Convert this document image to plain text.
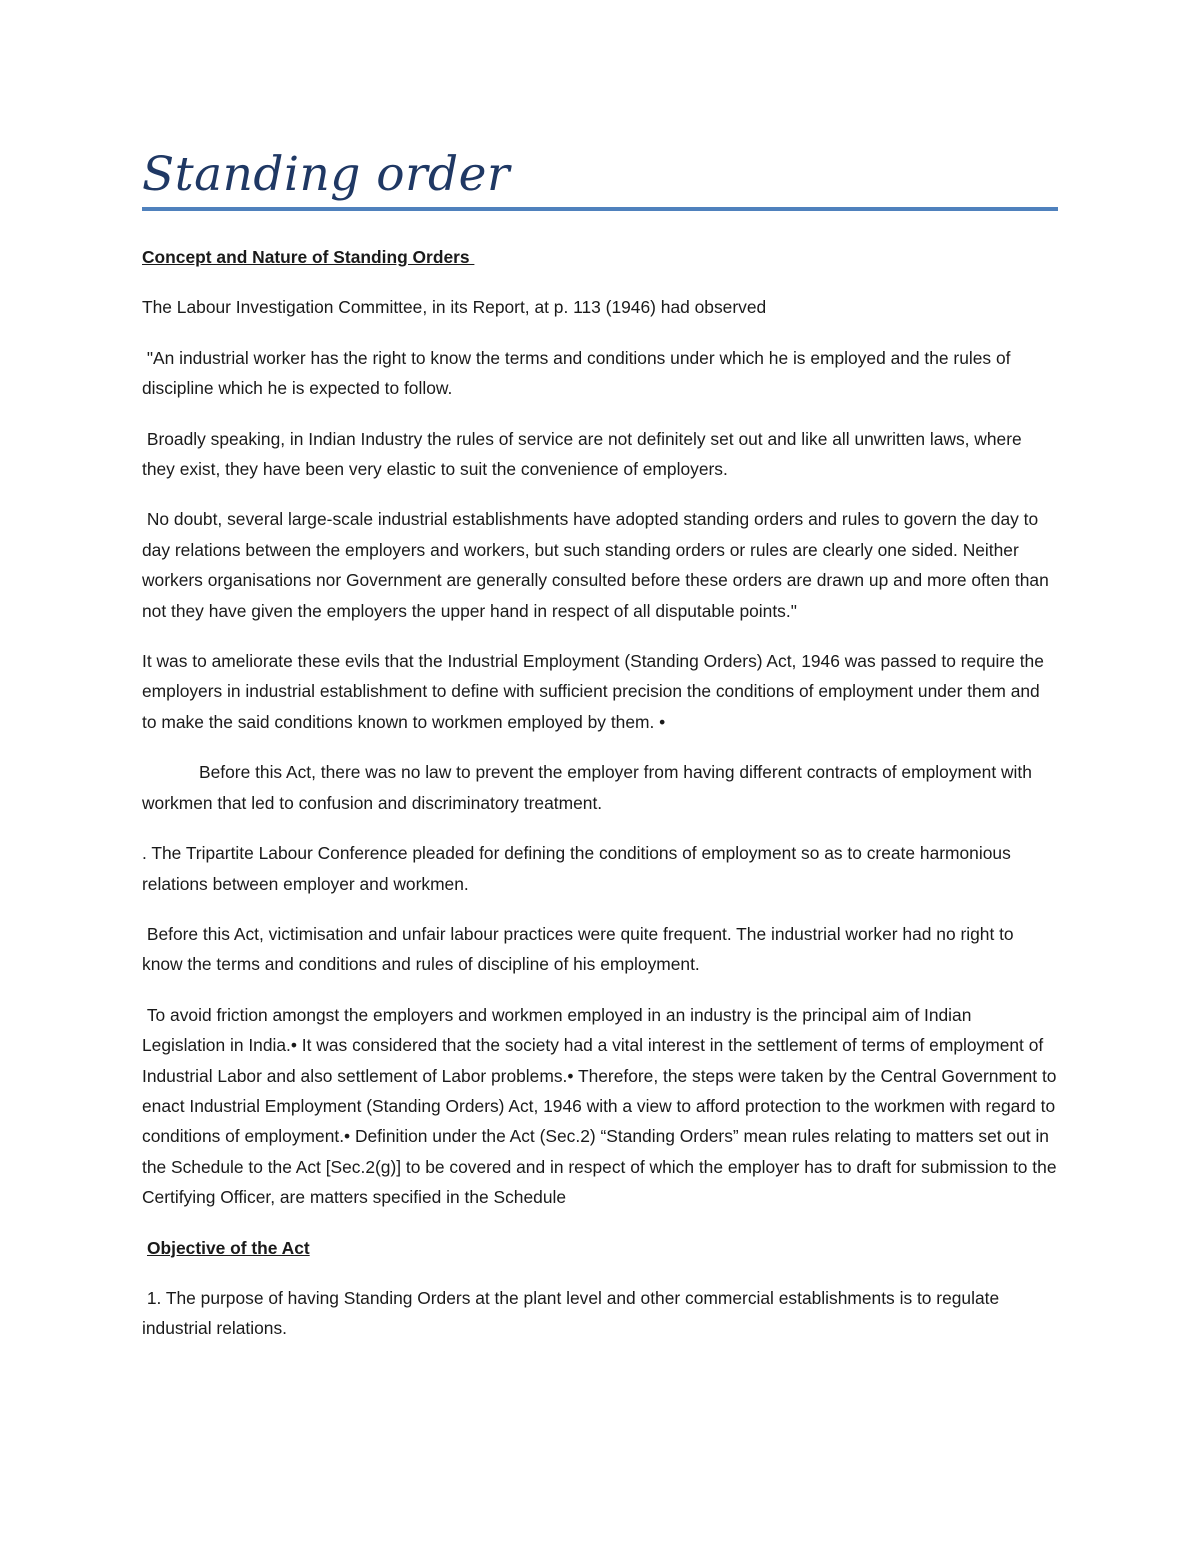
Standing order

Concept and Nature of Standing Orders

The Labour Investigation Committee, in its Report, at p. 113 (1946) had observed

"An industrial worker has the right to know the terms and conditions under which he is employed and the rules of discipline which he is expected to follow.

Broadly speaking, in Indian Industry the rules of service are not definitely set out and like all unwritten laws, where they exist, they have been very elastic to suit the convenience of employers.

No doubt, several large-scale industrial establishments have adopted standing orders and rules to govern the day to day relations between the employers and workers, but such standing orders or rules are clearly one sided. Neither workers organisations nor Government are generally consulted before these orders are drawn up and more often than not they have given the employers the upper hand in respect of all disputable points."

It was to ameliorate these evils that the Industrial Employment (Standing Orders) Act, 1946 was passed to require the employers in industrial establishment to define with sufficient precision the conditions of employment under them and to make the said conditions known to workmen employed by them. •

Before this Act, there was no law to prevent the employer from having different contracts of employment with workmen that led to confusion and discriminatory treatment.

. The Tripartite Labour Conference pleaded for defining the conditions of employment so as to create harmonious relations between employer and workmen.

Before this Act, victimisation and unfair labour practices were quite frequent. The industrial worker had no right to know the terms and conditions and rules of discipline of his employment.

To avoid friction amongst the employers and workmen employed in an industry is the principal aim of Indian Legislation in India.• It was considered that the society had a vital interest in the settlement of terms of employment of Industrial Labor and also settlement of Labor problems.• Therefore, the steps were taken by the Central Government to enact Industrial Employment (Standing Orders) Act, 1946 with a view to afford protection to the workmen with regard to conditions of employment.• Definition under the Act (Sec.2) “Standing Orders” mean rules relating to matters set out in the Schedule to the Act [Sec.2(g)] to be covered and in respect of which the employer has to draft for submission to the Certifying Officer, are matters specified in the Schedule

Objective of the Act

1. The purpose of having Standing Orders at the plant level and other commercial establishments is to regulate industrial relations.
